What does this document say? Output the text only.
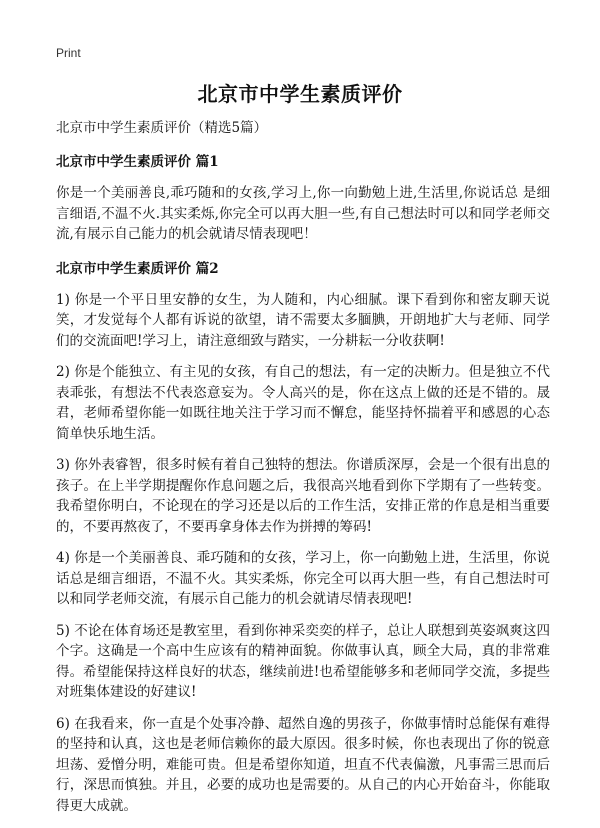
Print
北京市中学生素质评价

北京市中学生素质评价（精选5篇）

北京市中学生素质评价 篇1

你是一个美丽善良,乖巧随和的女孩,学习上,你一向勤勉上进,生活里,你说话总 是细言细语,不温不火.其实柔烁,你完全可以再大胆一些,有自己想法时可以和同学老师交流,有展示自己能力的机会就请尽情表现吧！

北京市中学生素质评价 篇2

1) 你是一个平日里安静的女生，为人随和，内心细腻。课下看到你和密友聊天说笑，才发觉每个人都有诉说的欲望，请不需要太多腼腆，开朗地扩大与老师、同学们的交流面吧!学习上，请注意细致与踏实，一分耕耘一分收获啊!

2) 你是个能独立、有主见的女孩，有自己的想法，有一定的决断力。但是独立不代表乖张，有想法不代表恣意妄为。令人高兴的是，你在这点上做的还是不错的。晟君，老师希望你能一如既往地关注于学习而不懈怠，能坚持怀揣着平和感恩的心态简单快乐地生活。

3) 你外表睿智，很多时候有着自己独特的想法。你谱质深厚，会是一个很有出息的孩子。在上半学期提醒你作息问题之后，我很高兴地看到你下学期有了一些转变。我希望你明白，不论现在的学习还是以后的工作生活，安排正常的作息是相当重要的，不要再熬夜了，不要再拿身体去作为拼搏的筹码!

4) 你是一个美丽善良、乖巧随和的女孩，学习上，你一向勤勉上进，生活里，你说话总是细言细语，不温不火。其实柔烁，你完全可以再大胆一些，有自己想法时可以和同学老师交流，有展示自己能力的机会就请尽情表现吧!

5) 不论在体育场还是教室里，看到你神采奕奕的样子，总让人联想到英姿飒爽这四个字。这确是一个高中生应该有的精神面貌。你做事认真，顾全大局，真的非常难得。希望能保持这样良好的状态，继续前进!也希望能够多和老师同学交流，多提些对班集体建设的好建议!

6) 在我看来，你一直是个处事冷静、超然自逸的男孩子，你做事情时总能保有难得的坚持和认真，这也是老师信赖你的最大原因。很多时候，你也表现出了你的锐意坦荡、爱憎分明，难能可贵。但是希望你知道，坦直不代表偏激，凡事需三思而后行，深思而慎独。并且，必要的成功也是需要的。从自己的内心开始奋斗，你能取得更大成就。
